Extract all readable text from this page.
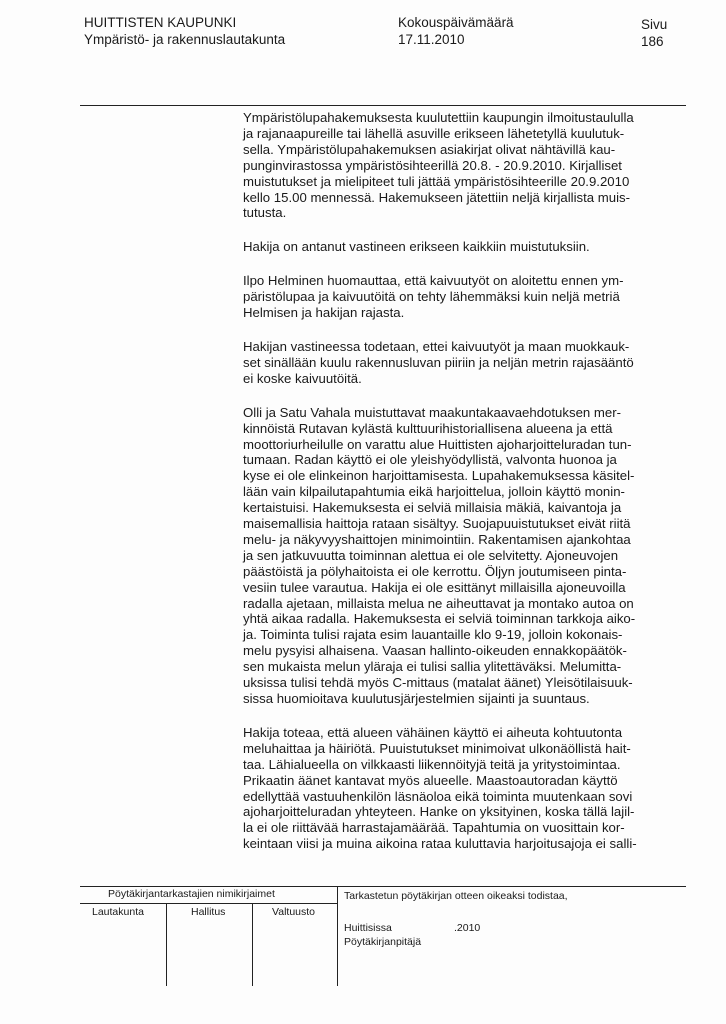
HUITTISTEN KAUPUNKI
Ympäristö- ja rakennuslautakunta
Kokouspäivämäärä
17.11.2010
Sivu
186

Ympäristölupahakemuksesta kuulutettiin kaupungin ilmoitustaululla
ja rajanaapureille tai lähellä asuville erikseen lähetetyllä kuulutuk-
sella. Ympäristölupahakemuksen asiakirjat olivat nähtävillä kau-
punginvirastossa ympäristösihteerillä 20.8. - 20.9.2010. Kirjalliset
muistutukset ja mielipiteet tuli jättää ympäristösihteerille 20.9.2010
kello 15.00 mennessä. Hakemukseen jätettiin neljä kirjallista muis-
tutusta.

Hakija on antanut vastineen erikseen kaikkiin muistutuksiin.

Ilpo Helminen huomauttaa, että kaivuutyöt on aloitettu ennen ym-
päristölupaa ja kaivuutöitä on tehty lähemmäksi kuin neljä metriä
Helmisen ja hakijan rajasta.

Hakijan vastineessa todetaan, ettei kaivuutyöt ja maan muokkauk-
set sinällään kuulu rakennusluvan piiriin ja neljän metrin rajasääntö
ei koske kaivuutöitä.

Olli ja Satu Vahala muistuttavat maakuntakaavaehdotuksen mer-
kinnöistä Rutavan kylästä kulttuurihistoriallisena alueena ja että
moottoriurheilulle on varattu alue Huittisten ajoharjoitteluradan tun-
tumaan. Radan käyttö ei ole yleishyödyllistä, valvonta huonoa ja
kyse ei ole elinkeinon harjoittamisesta. Lupahakemuksessa käsitel-
lään vain kilpailutapahtumia eikä harjoittelua, jolloin käyttö monin-
kertaistuisi. Hakemuksesta ei selviä millaisia mäkiä, kaivantoja ja
maisemallisia haittoja rataan sisältyy. Suojapuuistutukset eivät riitä
melu- ja näkyvyyshaittojen minimointiin. Rakentamisen ajankohtaa
ja sen jatkuvuutta toiminnan alettua ei ole selvitetty. Ajoneuvojen
päästöistä ja pölyhaitoista ei ole kerrottu. Öljyn joutumiseen pinta-
vesiin tulee varautua. Hakija ei ole esittänyt millaisilla ajoneuvoilla
radalla ajetaan, millaista melua ne aiheuttavat ja montako autoa on
yhtä aikaa radalla. Hakemuksesta ei selviä toiminnan tarkkoja aiko-
ja. Toiminta tulisi rajata esim lauantaille klo 9-19, jolloin kokonais-
melu pysyisi alhaisena. Vaasan hallinto-oikeuden ennakkopäätök-
sen mukaista melun yläraja ei tulisi sallia ylitettäväksi. Melumitta-
uksissa tulisi tehdä myös C-mittaus (matalat äänet) Yleisötilaisuuk-
sissa huomioitava kuulutusjärjestelmien sijainti ja suuntaus.

Hakija toteaa, että alueen vähäinen käyttö ei aiheuta kohtuutonta
meluhaittaa ja häiriötä. Puuistutukset minimoivat ulkonäöllistä hait-
taa. Lähialueella on vilkkaasti liikennöityjä teitä ja yritystoimintaa.
Prikaatin äänet kantavat myös alueelle. Maastoautoradan käyttö
edellyttää vastuuhenkilön läsnäoloa eikä toiminta muutenkaan sovi
ajoharjoitteluradan yhteyteen. Hanke on yksityinen, koska tällä lajil-
la ei ole riittävää harrastajamäärää. Tapahtumia on vuosittain kor-
keintaan viisi ja muina aikoina rataa kuluttavia harjoitusajoja ei salli-

Pöytäkirjantarkastajien nimikirjaimet
Lautakunta	Hallitus	Valtuusto
Tarkastetun pöytäkirjan otteen oikeaksi todistaa,
Huittisissa	.2010
Pöytäkirjanpitäjä
